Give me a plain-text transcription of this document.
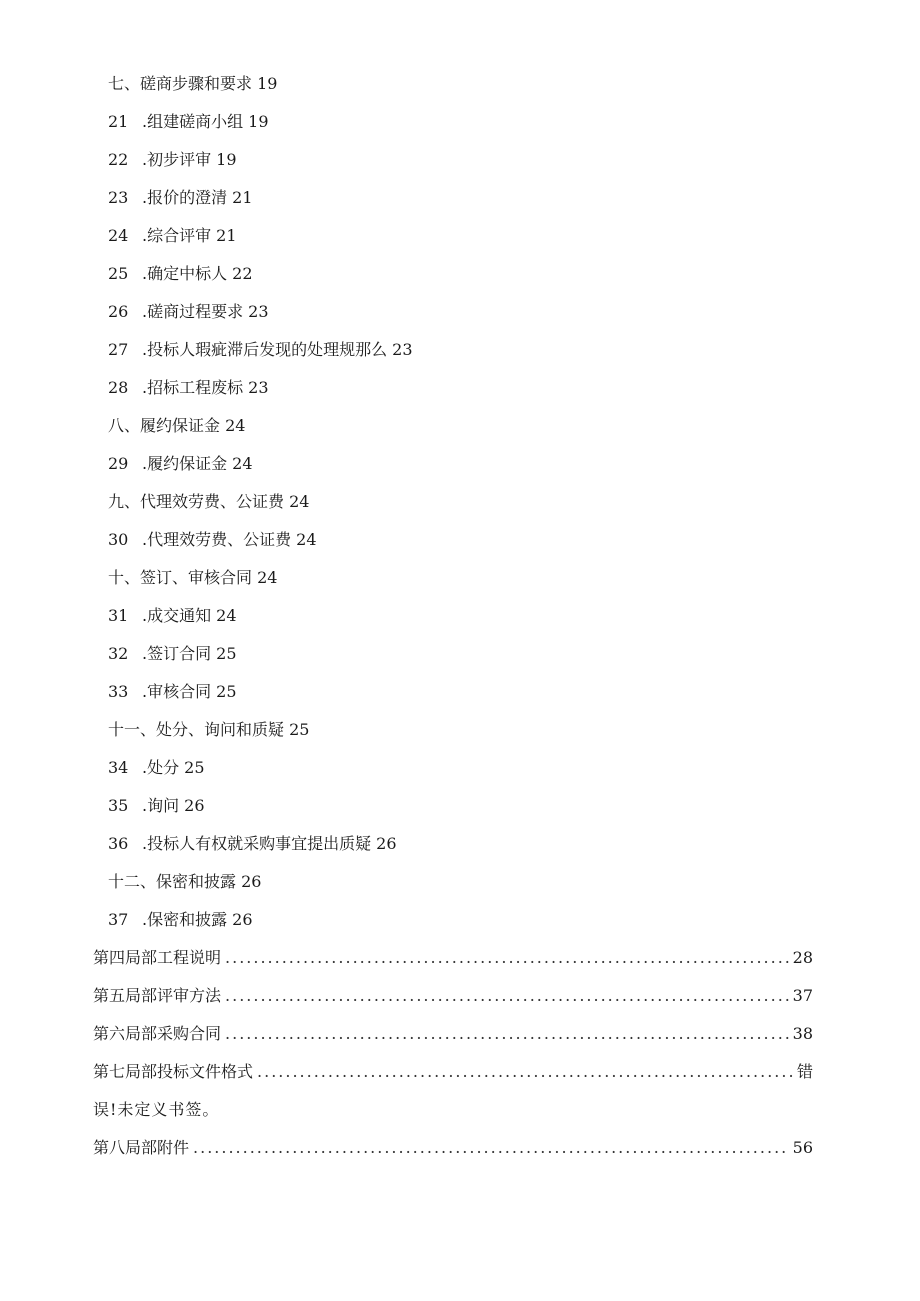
七、磋商步骤和要求 19
21 .组建磋商小组 19
22 .初步评审 19
23 .报价的澄清 21
24 .综合评审 21
25 .确定中标人 22
26 .磋商过程要求 23
27 .投标人瑕疵滞后发现的处理规那么 23
28 .招标工程废标 23
八、履约保证金 24
29 .履约保证金 24
九、代理效劳费、公证费 24
30 .代理效劳费、公证费 24
十、签订、审核合同 24
31 .成交通知 24
32 .签订合同 25
33 .审核合同 25
十一、处分、询问和质疑 25
34 .处分 25
35 .询问 26
36 .投标人有权就采购事宜提出质疑 26
十二、保密和披露 26
37 .保密和披露 26
第四局部工程说明 .....	28
第五局部评审方法 .....	37
第六局部采购合同 .....	38
第七局部投标文件格式 .....	错
误!未定义书签。
第八局部附件 .....	56
